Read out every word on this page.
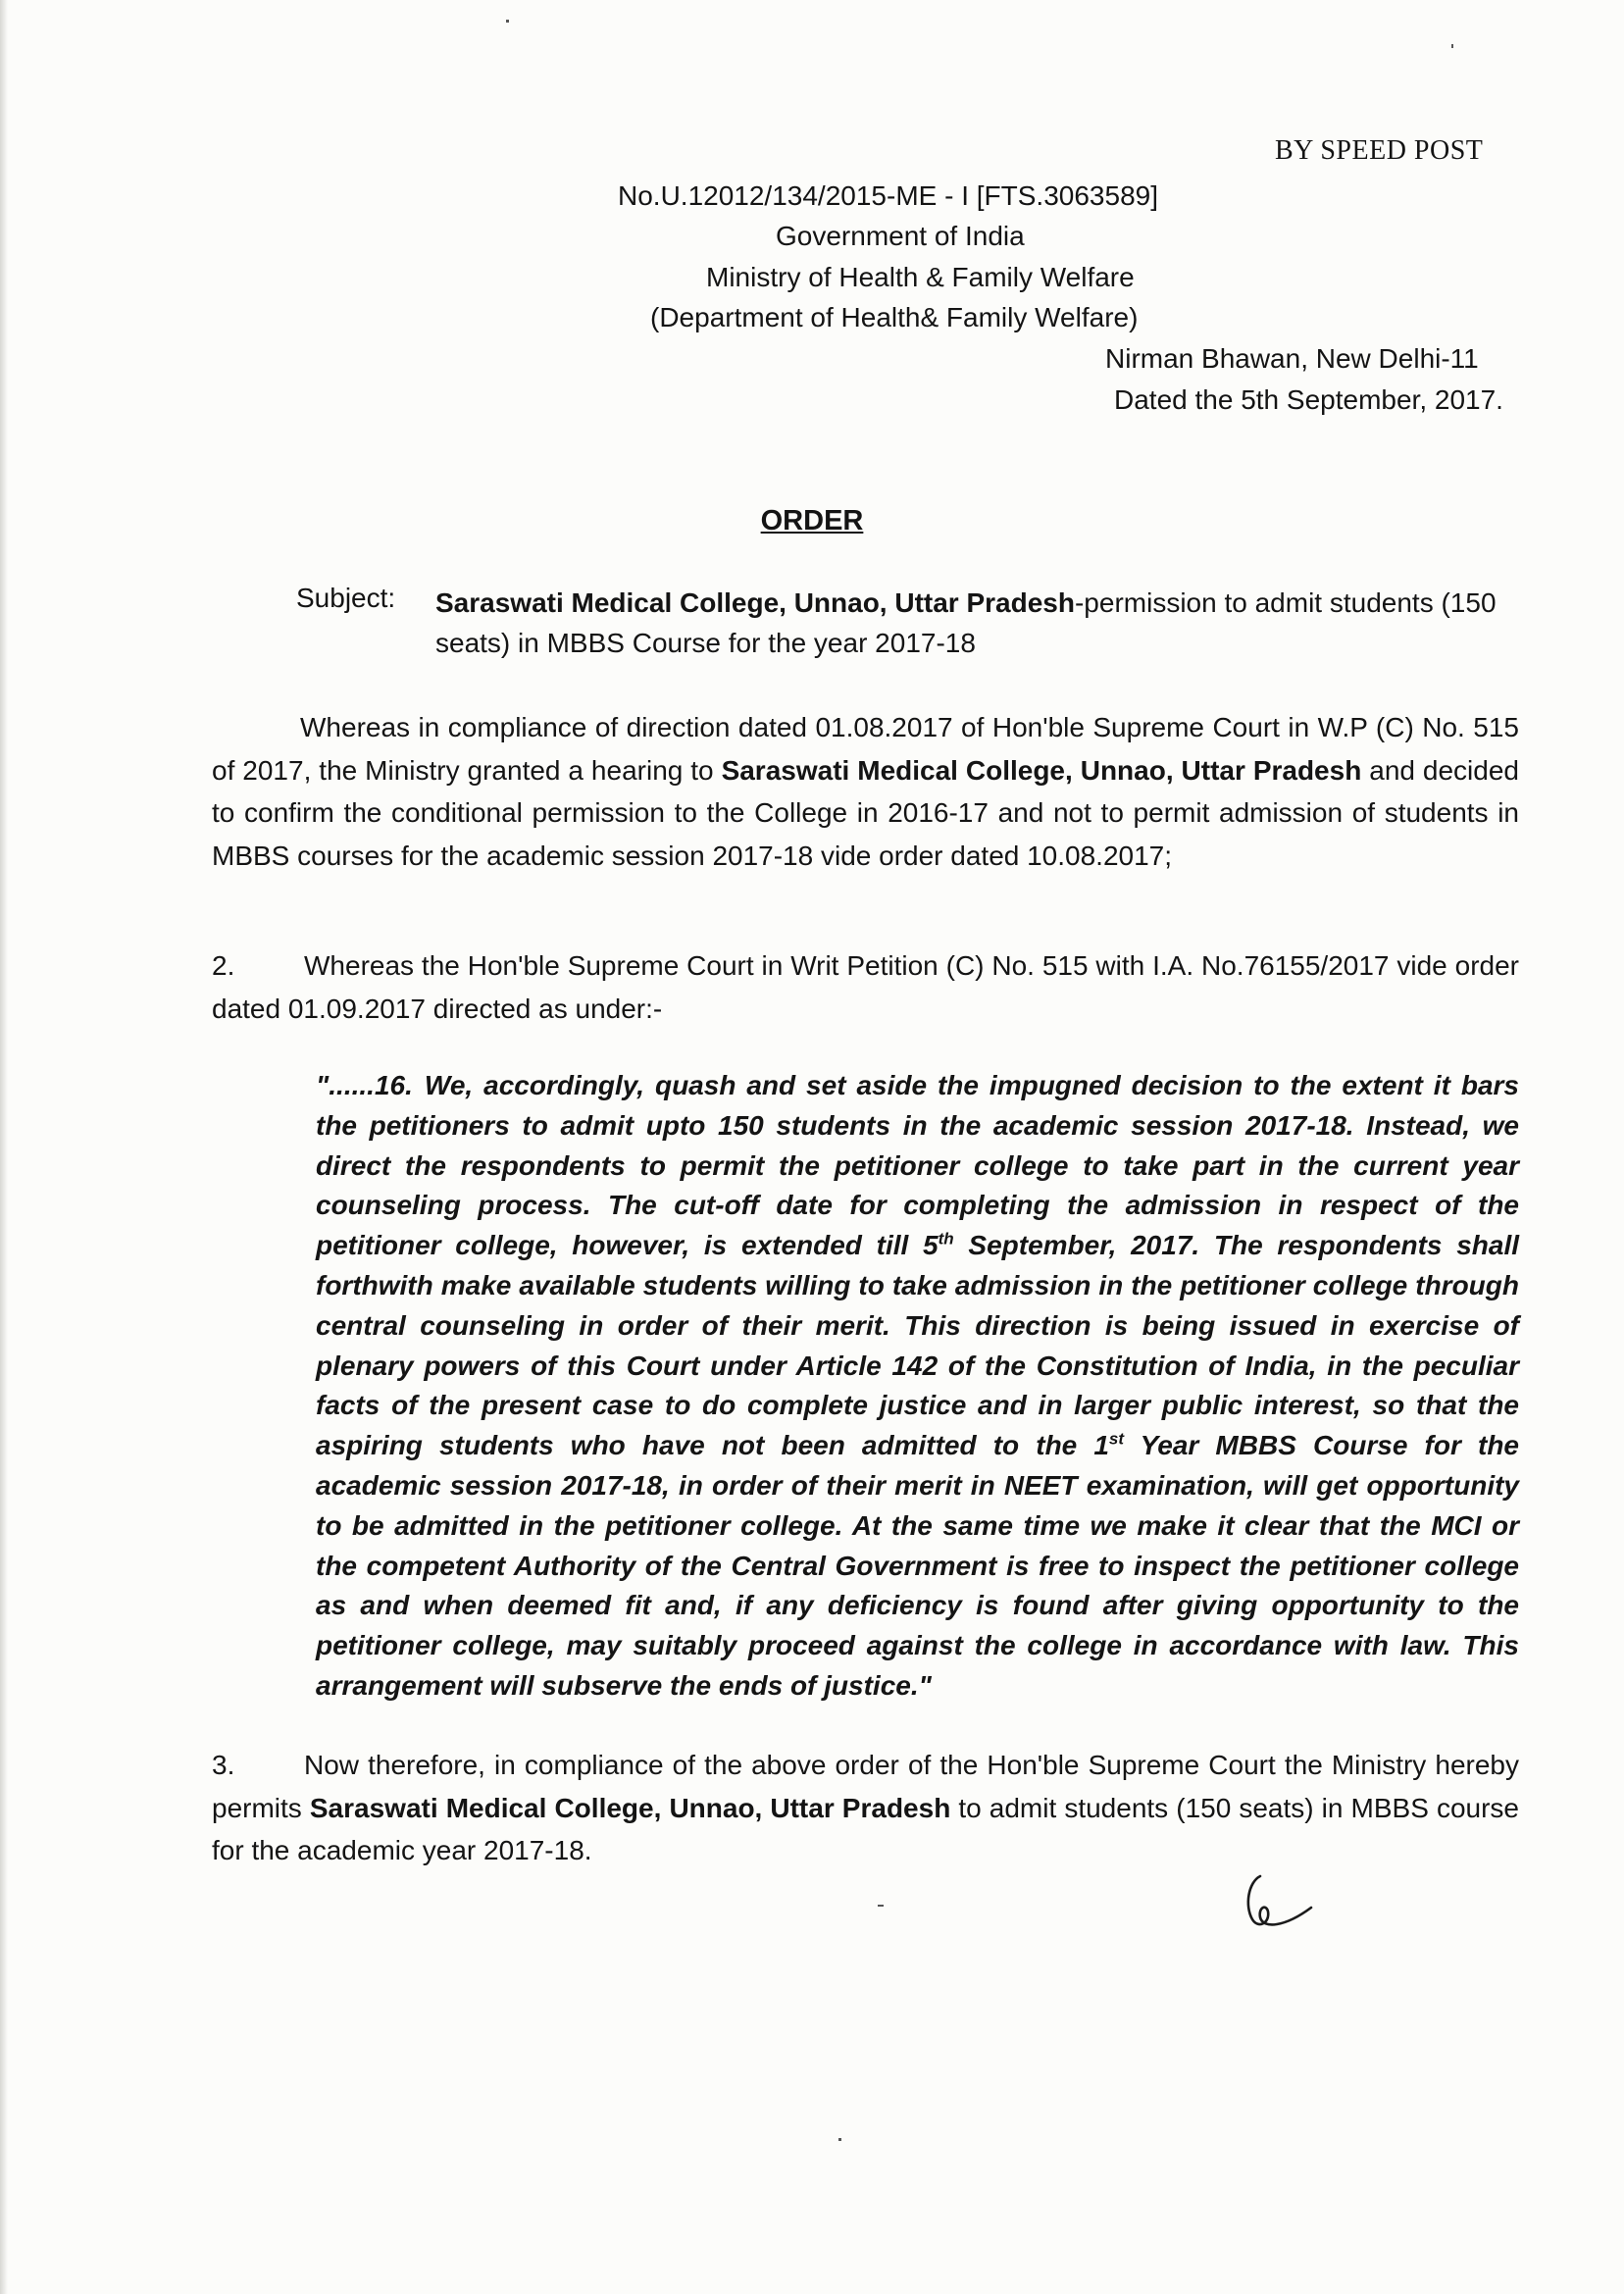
BY SPEED POST
No.U.12012/134/2015-ME - I [FTS.3063589]
Government of India
Ministry of Health & Family Welfare
(Department of Health& Family Welfare)
Nirman Bhawan, New Delhi-11
Dated the 5th September, 2017.
ORDER
Subject: Saraswati Medical College, Unnao, Uttar Pradesh-permission to admit students (150 seats) in MBBS Course for the year 2017-18
Whereas in compliance of direction dated 01.08.2017 of Hon'ble Supreme Court in W.P (C) No. 515 of 2017, the Ministry granted a hearing to Saraswati Medical College, Unnao, Uttar Pradesh and decided to confirm the conditional permission to the College in 2016-17 and not to permit admission of students in MBBS courses for the academic session 2017-18 vide order dated 10.08.2017;
2.	Whereas the Hon'ble Supreme Court in Writ Petition (C) No. 515 with I.A. No.76155/2017 vide order dated 01.09.2017 directed as under:-
"......16. We, accordingly, quash and set aside the impugned decision to the extent it bars the petitioners to admit upto 150 students in the academic session 2017-18. Instead, we direct the respondents to permit the petitioner college to take part in the current year counseling process. The cut-off date for completing the admission in respect of the petitioner college, however, is extended till 5th September, 2017. The respondents shall forthwith make available students willing to take admission in the petitioner college through central counseling in order of their merit. This direction is being issued in exercise of plenary powers of this Court under Article 142 of the Constitution of India, in the peculiar facts of the present case to do complete justice and in larger public interest, so that the aspiring students who have not been admitted to the 1st Year MBBS Course for the academic session 2017-18, in order of their merit in NEET examination, will get opportunity to be admitted in the petitioner college. At the same time we make it clear that the MCI or the competent Authority of the Central Government is free to inspect the petitioner college as and when deemed fit and, if any deficiency is found after giving opportunity to the petitioner college, may suitably proceed against the college in accordance with law. This arrangement will subserve the ends of justice."
3.	Now therefore, in compliance of the above order of the Hon'ble Supreme Court the Ministry hereby permits Saraswati Medical College, Unnao, Uttar Pradesh to admit students (150 seats) in MBBS course for the academic year 2017-18.
